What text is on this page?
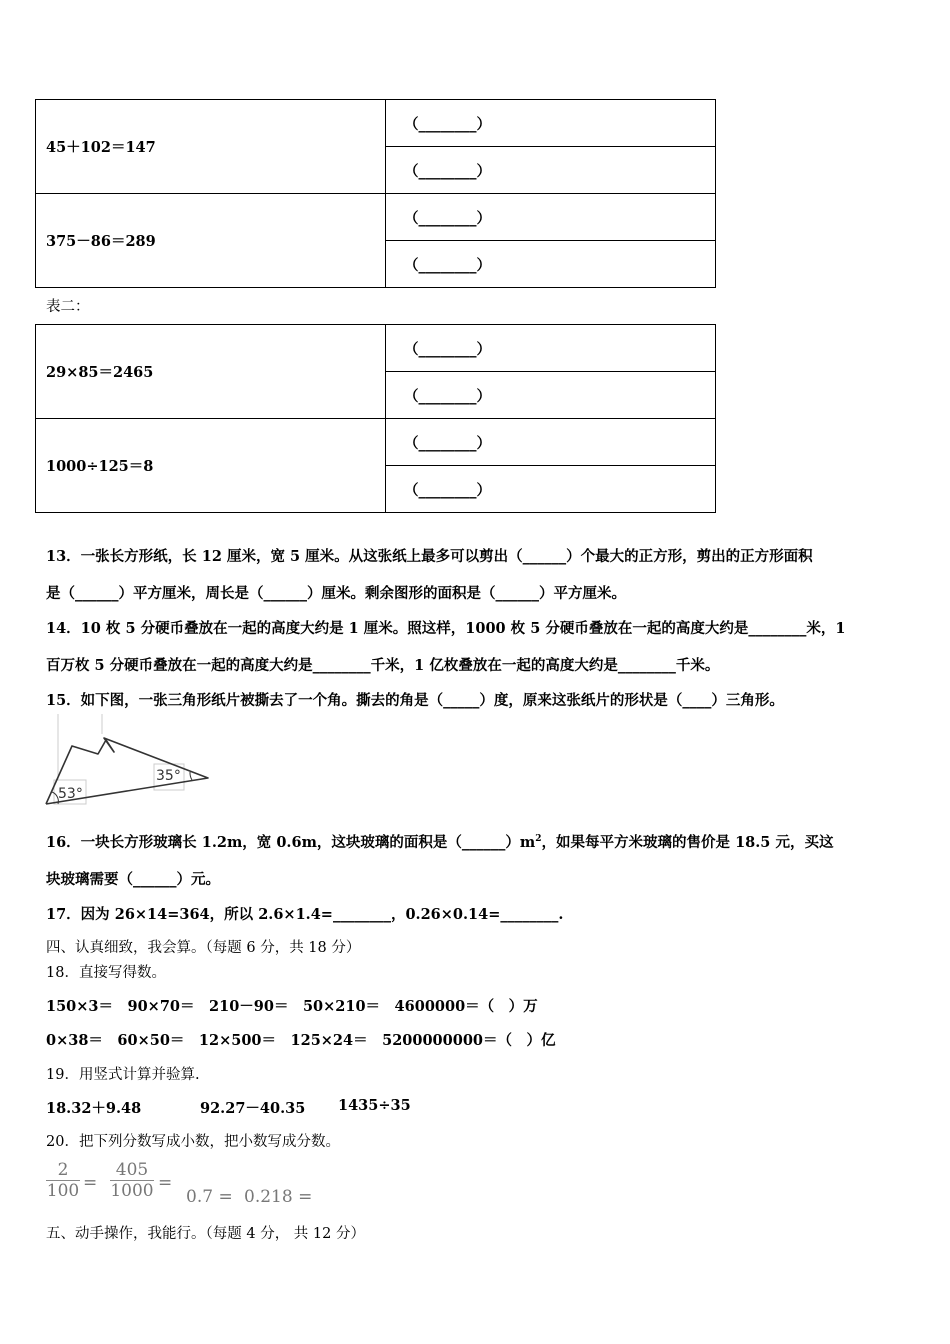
45＋102＝147	（________）
	（________）
375－86＝289	（________）
	（________）
表二：
29×85＝2465	（________）
	（________）
1000÷125＝8	（________）
	（________）
13．一张长方形纸，长 12 厘米，宽 5 厘米。从这张纸上最多可以剪出（______）个最大的正方形，剪出的正方形面积
是（______）平方厘米，周长是（______）厘米。剩余图形的面积是（______）平方厘米。
14．10 枚 5 分硬币叠放在一起的高度大约是 1 厘米。照这样，1000 枚 5 分硬币叠放在一起的高度大约是________米，1
百万枚 5 分硬币叠放在一起的高度大约是________千米，1 亿枚叠放在一起的高度大约是________千米。
15．如下图，一张三角形纸片被撕去了一个角。撕去的角是（_____）度，原来这张纸片的形状是（____）三角形。
53°
35°
16．一块长方形玻璃长 1.2m，宽 0.6m，这块玻璃的面积是$(\_\_\_\_\_\_)m^2$，如果每平方米玻璃的售价是 18.5 元，买这
块玻璃需要（______）元。
17．因为 26×14=364，所以 2.6×1.4=________，0.26×0.14=________.
四、认真细致，我会算。（每题 6 分，共 18 分）
18．直接写得数。
150×3＝　90×70＝　210－90＝　50×210＝　4600000＝（　）万
0×38＝　60×50＝　12×500＝　125×24＝　5200000000＝（　）亿
19．用竖式计算并验算.
18.32＋9.48	92.27－40.35 1435÷35
20．把下列分数写成小数，把小数写成分数。
2
100 =
405
1000 =
0.7 = 0.218 =
五、动手操作，我能行。（每题 4 分， 共 12 分）
